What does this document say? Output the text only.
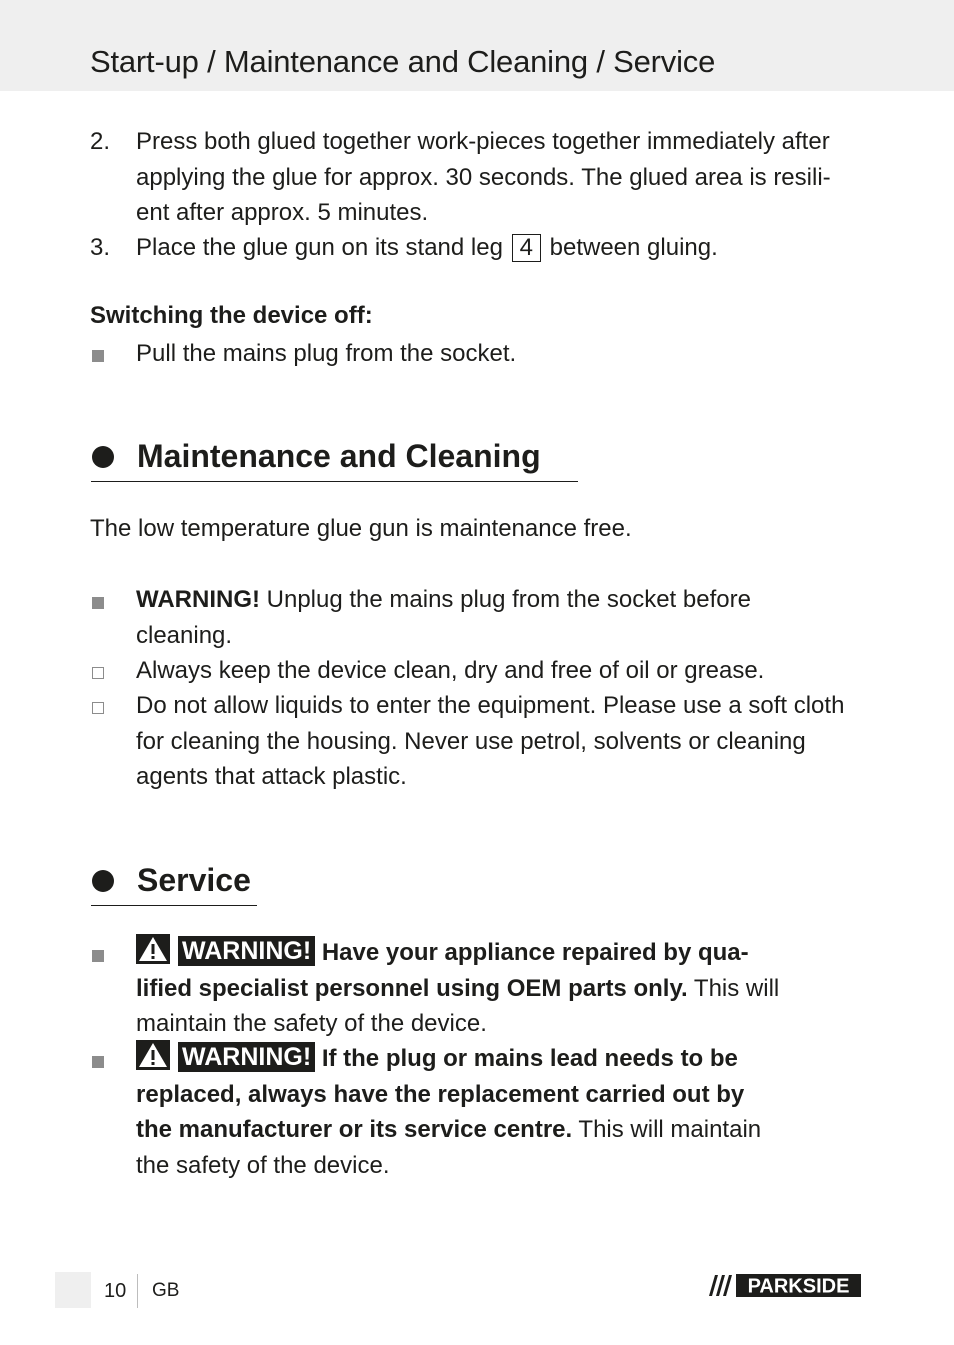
Start-up / Maintenance and Cleaning / Service
2.	Press both glued together work-pieces together immediately after
applying the glue for approx. 30 seconds. The glued area is resili-
ent after approx. 5 minutes.
3.	Place the glue gun on its stand leg 4 between gluing.
Switching the device off:
Pull the mains plug from the socket.
Maintenance and Cleaning
The low temperature glue gun is maintenance free.
WARNING! Unplug the mains plug from the socket before
cleaning.
Always keep the device clean, dry and free of oil or grease.
Do not allow liquids to enter the equipment. Please use a soft cloth
for cleaning the housing. Never use petrol, solvents or cleaning
agents that attack plastic.
Service
WARNING! Have your appliance repaired by qua-
lified specialist personnel using OEM parts only. This will
maintain the safety of the device.
WARNING! If the plug or mains lead needs to be
replaced, always have the replacement carried out by
the manufacturer or its service centre. This will maintain
the safety of the device.
10 GB	PARKSIDE
